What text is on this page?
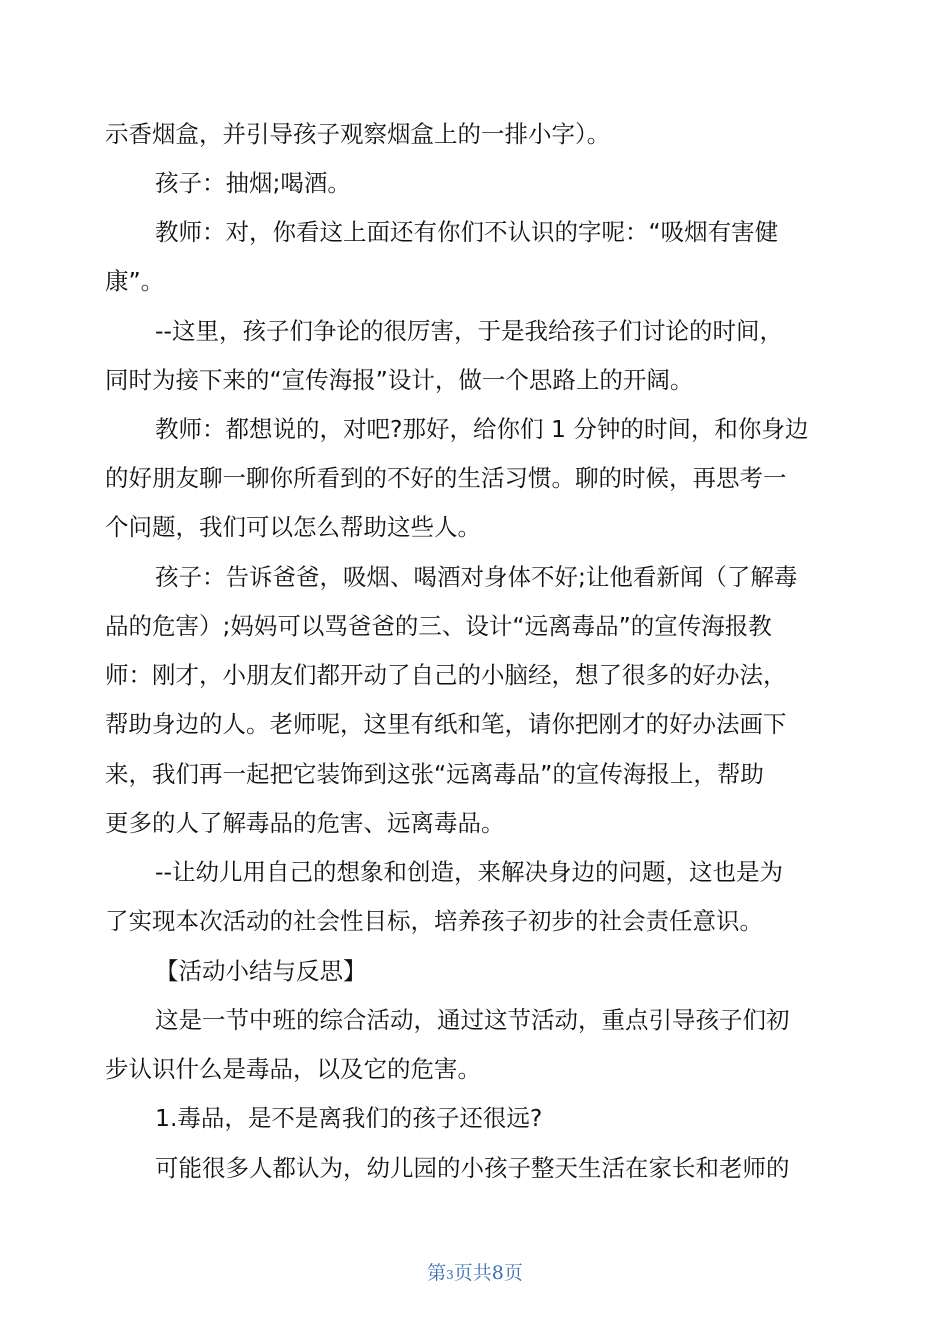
示香烟盒，并引导孩子观察烟盒上的一排小字）。
孩子：抽烟;喝酒。
教师：对，你看这上面还有你们不认识的字呢：“吸烟有害健
康”。
--这里，孩子们争论的很厉害，于是我给孩子们讨论的时间，
同时为接下来的“宣传海报”设计，做一个思路上的开阔。
教师：都想说的，对吧?那好，给你们 1 分钟的时间，和你身边
的好朋友聊一聊你所看到的不好的生活习惯。聊的时候，再思考一
个问题，我们可以怎么帮助这些人。
孩子：告诉爸爸，吸烟、喝酒对身体不好;让他看新闻（了解毒
品的危害）;妈妈可以骂爸爸的三、设计“远离毒品”的宣传海报教
师：刚才，小朋友们都开动了自己的小脑经，想了很多的好办法，
帮助身边的人。老师呢，这里有纸和笔，请你把刚才的好办法画下
来，我们再一起把它装饰到这张“远离毒品”的宣传海报上，帮助
更多的人了解毒品的危害、远离毒品。
--让幼儿用自己的想象和创造，来解决身边的问题，这也是为
了实现本次活动的社会性目标，培养孩子初步的社会责任意识。
【活动小结与反思】
这是一节中班的综合活动，通过这节活动，重点引导孩子们初
步认识什么是毒品，以及它的危害。
1.毒品，是不是离我们的孩子还很远?
可能很多人都认为，幼儿园的小孩子整天生活在家长和老师的
第3页共8页
